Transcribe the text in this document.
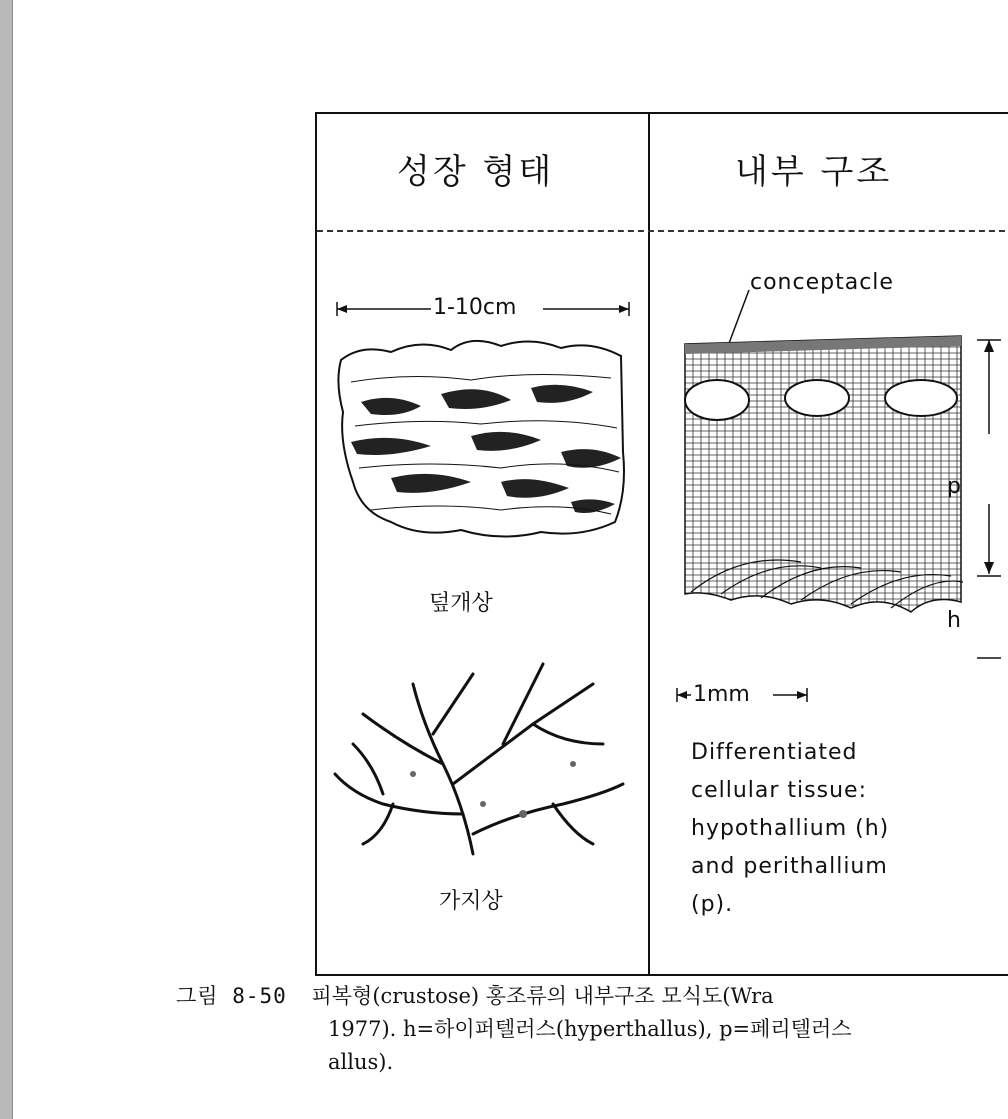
성장 형태	내부 구조
1-10cm
덮개상
가지상
conceptacle
p
h
1mm
Differentiated
cellular tissue:
hypothallium (h)
and perithallium
(p).
그림 8-50 피복형(crustose) 홍조류의 내부구조 모식도(Wra
1977). h=하이퍼텔러스(hyperthallus), p=페리텔러스
allus).
